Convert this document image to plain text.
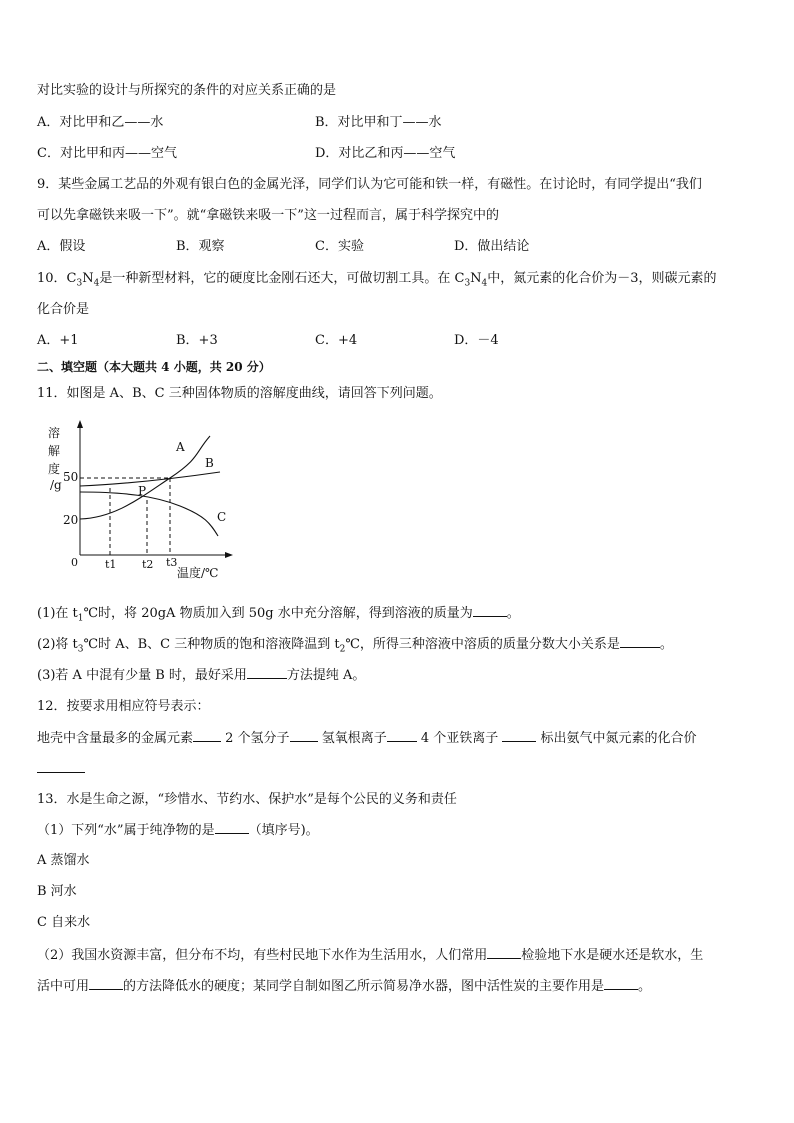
对比实验的设计与所探究的条件的对应关系正确的是
A．对比甲和乙——水	B．对比甲和丁——水
C．对比甲和丙——空气	D．对比乙和丙——空气
9．某些金属工艺品的外观有银白色的金属光泽，同学们认为它可能和铁一样，有磁性。在讨论时，有同学提出“我们
可以先拿磁铁来吸一下”。就“拿磁铁来吸一下”这一过程而言，属于科学探究中的
A．假设	B．观察	C．实验	D．做出结论
10．$C_3N_4$是一种新型材料，它的硬度比金刚石还大，可做切割工具。在 $C_3N_4$中，氮元素的化合价为－3，则碳元素的
化合价是
A．+1	B．+3	C．+4	D．－4
二、填空题（本大题共 4 小题，共 20 分）
11．如图是 A、B、C 三种固体物质的溶解度曲线，请回答下列问题。
溶
解
度
/g
50
20
0
A
B
C
P
t1 t2 t3
温度/℃
(1)在 $t_1℃$时，将 20gA 物质加入到 50g 水中充分溶解，得到溶液的质量为	。
(2)将 $t_3℃$时 A、B、C 三种物质的饱和溶液降温到 $t_2℃$，所得三种溶液中溶质的质量分数大小关系是	。
(3)若 A 中混有少量 B 时，最好采用	方法提纯 A。
12．按要求用相应符号表示：
地壳中含量最多的金属元素 2 个氢分子 氢氧根离子	4 个亚铁离子	标出氨气中氮元素的化合价
13．水是生命之源，“珍惜水、节约水、保护水”是每个公民的义务和责任
（1）下列“水”属于纯净物的是	（填序号)。
A 蒸馏水
B 河水
C 自来水
（2）我国水资源丰富，但分布不均，有些村民地下水作为生活用水，人们常用	检验地下水是硬水还是软水，生
活中可用	的方法降低水的硬度；某同学自制如图乙所示简易净水器，图中活性炭的主要作用是	。
